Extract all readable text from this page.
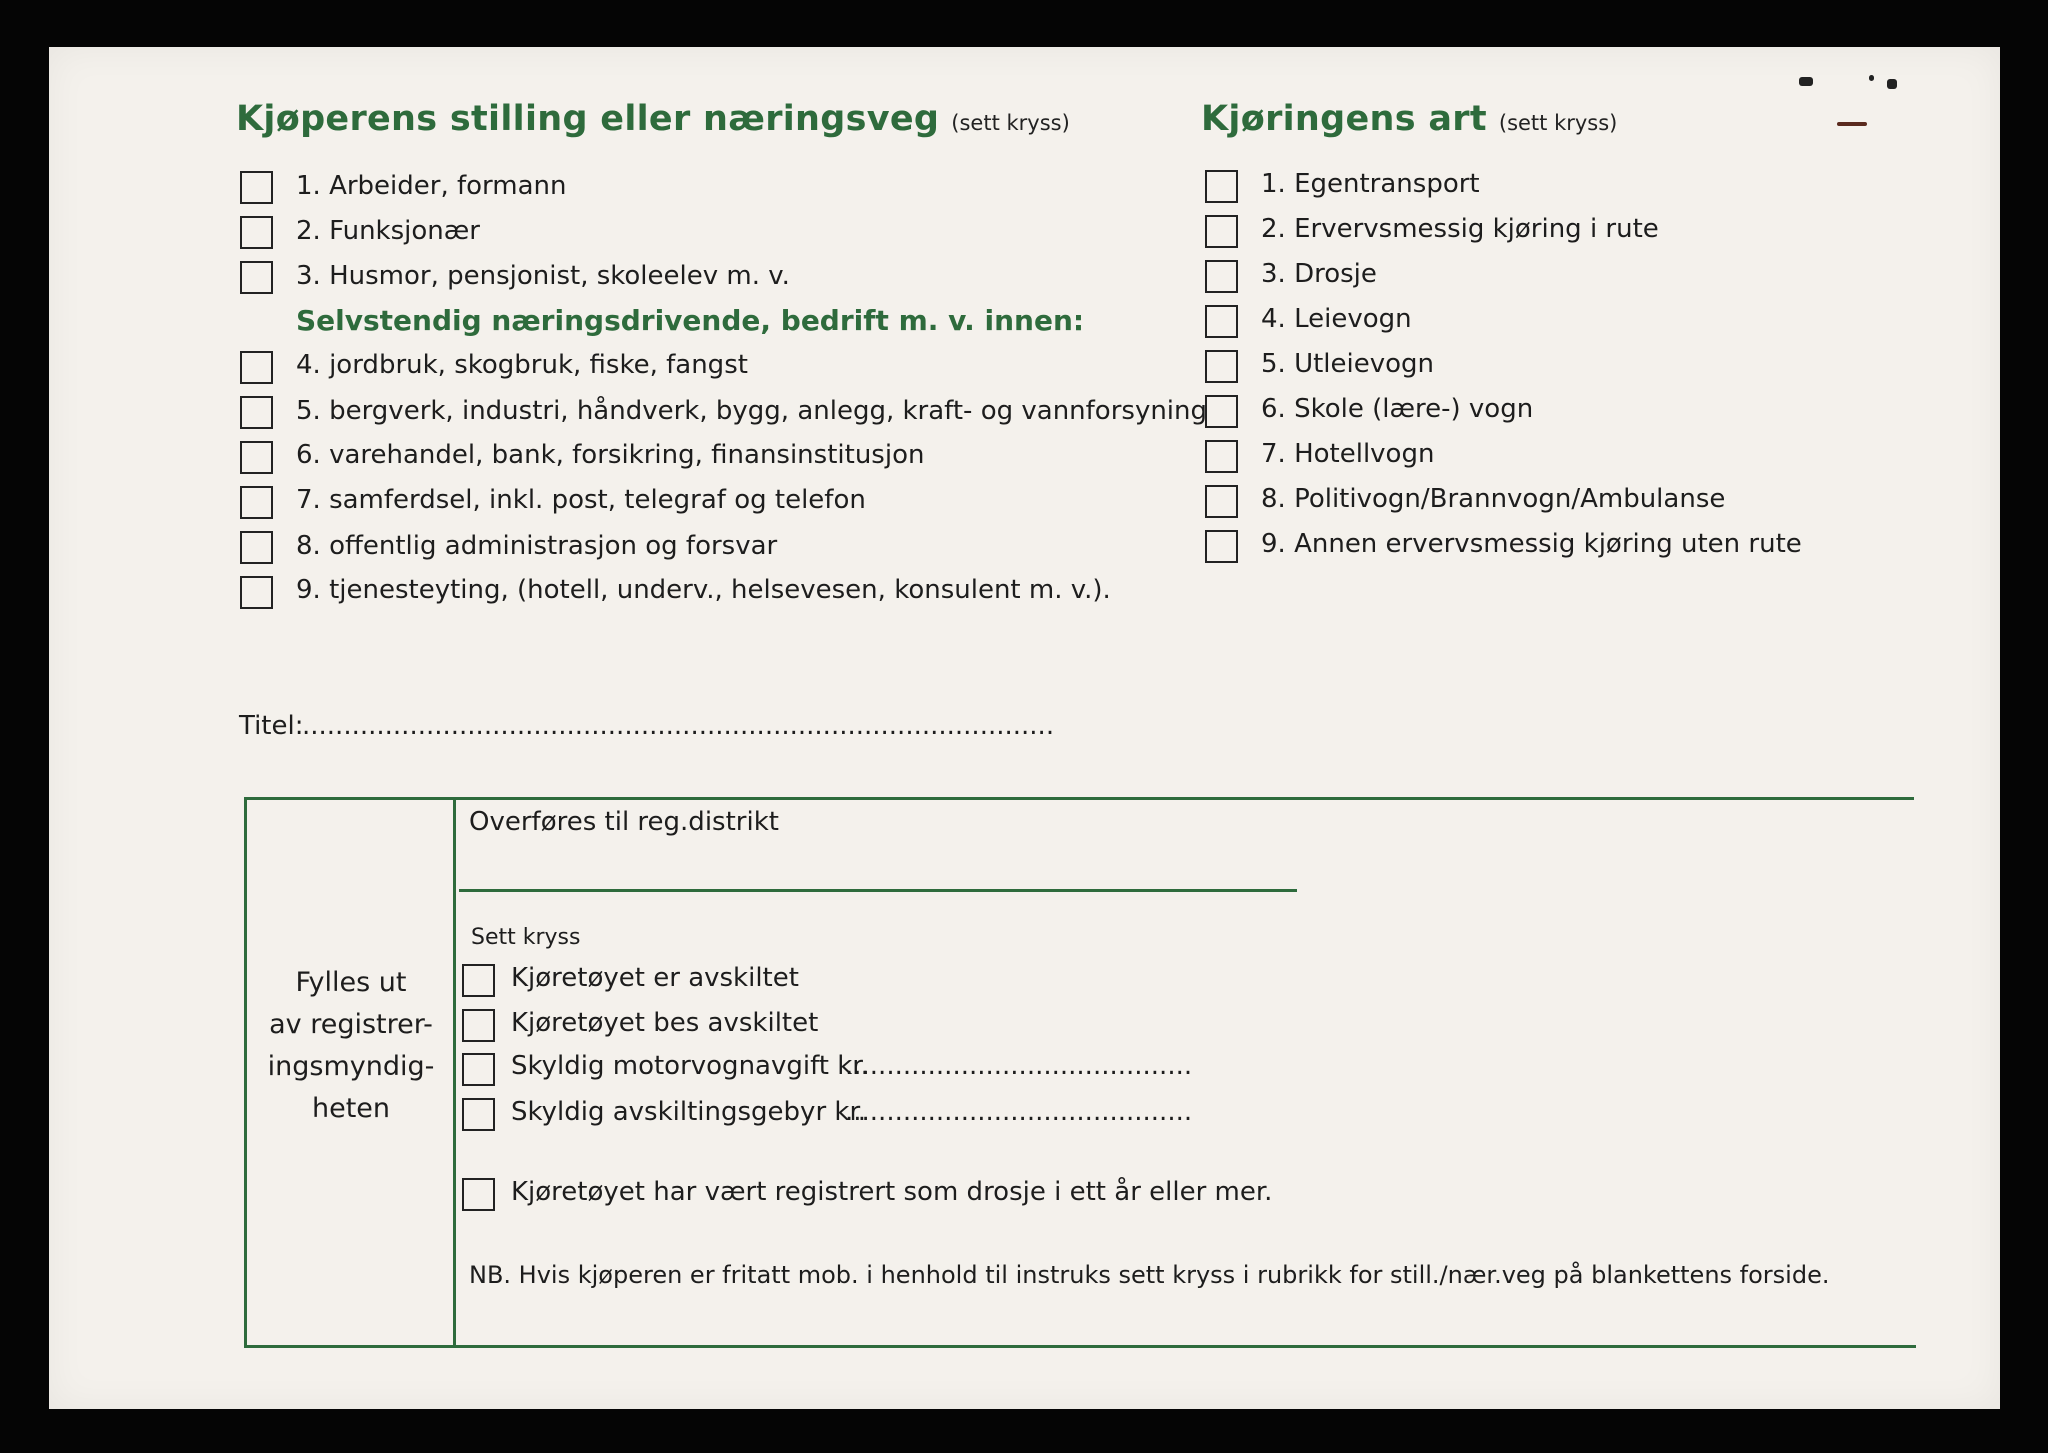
Kjøperens stilling eller næringsveg (sett kryss)
1. Arbeider, formann
2. Funksjonær
3. Husmor, pensjonist, skoleelev m. v.
Selvstendig næringsdrivende, bedrift m. v. innen:
4. jordbruk, skogbruk, fiske, fangst
5. bergverk, industri, håndverk, bygg, anlegg, kraft- og vannforsyning
6. varehandel, bank, forsikring, finansinstitusjon
7. samferdsel, inkl. post, telegraf og telefon
8. offentlig administrasjon og forsvar
9. tjenesteyting, (hotell, underv., helsevesen, konsulent m. v.).
Kjøringens art (sett kryss)
1. Egentransport
2. Ervervsmessig kjøring i rute
3. Drosje
4. Leievogn
5. Utleievogn
6. Skole (lære-) vogn
7. Hotellvogn
8. Politivogn/Brannvogn/Ambulanse
9. Annen ervervsmessig kjøring uten rute
Titel:
...........................................................................................
Fylles ut
av registrer-
ingsmyndig-
heten
Overføres til reg.distrikt
Sett kryss
Kjøretøyet er avskiltet
Kjøretøyet bes avskiltet
Skyldig motorvognavgift kr.
..........................................
Skyldig avskiltingsgebyr kr.
..........................................
Kjøretøyet har vært registrert som drosje i ett år eller mer.
NB. Hvis kjøperen er fritatt mob. i henhold til instruks sett kryss i rubrikk for still./nær.veg på blankettens forside.
